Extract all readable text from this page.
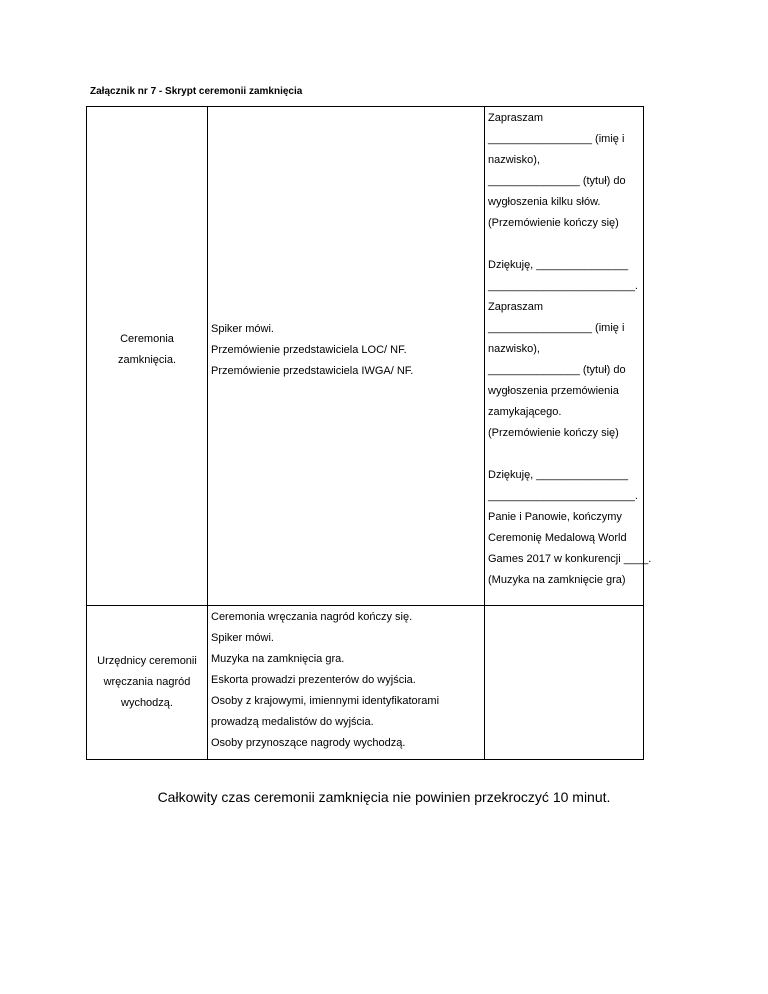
Załącznik nr 7 - Skrypt ceremonii zamknięcia
Ceremonia
zamknięcia.
Spiker mówi.
Przemówienie przedstawiciela LOC/ NF.
Przemówienie przedstawiciela IWGA/ NF.
Zapraszam
_________________ (imię i
nazwisko),
_______________ (tytuł) do
wygłoszenia kilku słów.
(Przemówienie kończy się)
Dziękuję, _______________
________________________.
Zapraszam
_________________ (imię i
nazwisko),
_______________ (tytuł) do
wygłoszenia przemówienia
zamykającego.
(Przemówienie kończy się)
Dziękuję, _______________
________________________.
Panie i Panowie, kończymy
Ceremonię Medalową World
Games 2017 w konkurencji ____.
(Muzyka na zamknięcie gra)
Urzędnicy ceremonii
wręczania nagród
wychodzą.
Ceremonia wręczania nagród kończy się.
Spiker mówi.
Muzyka na zamknięcia gra.
Eskorta prowadzi prezenterów do wyjścia.
Osoby z krajowymi, imiennymi identyfikatorami
prowadzą medalistów do wyjścia.
Osoby przynoszące nagrody wychodzą.
Całkowity czas ceremonii zamknięcia nie powinien przekroczyć 10 minut.
